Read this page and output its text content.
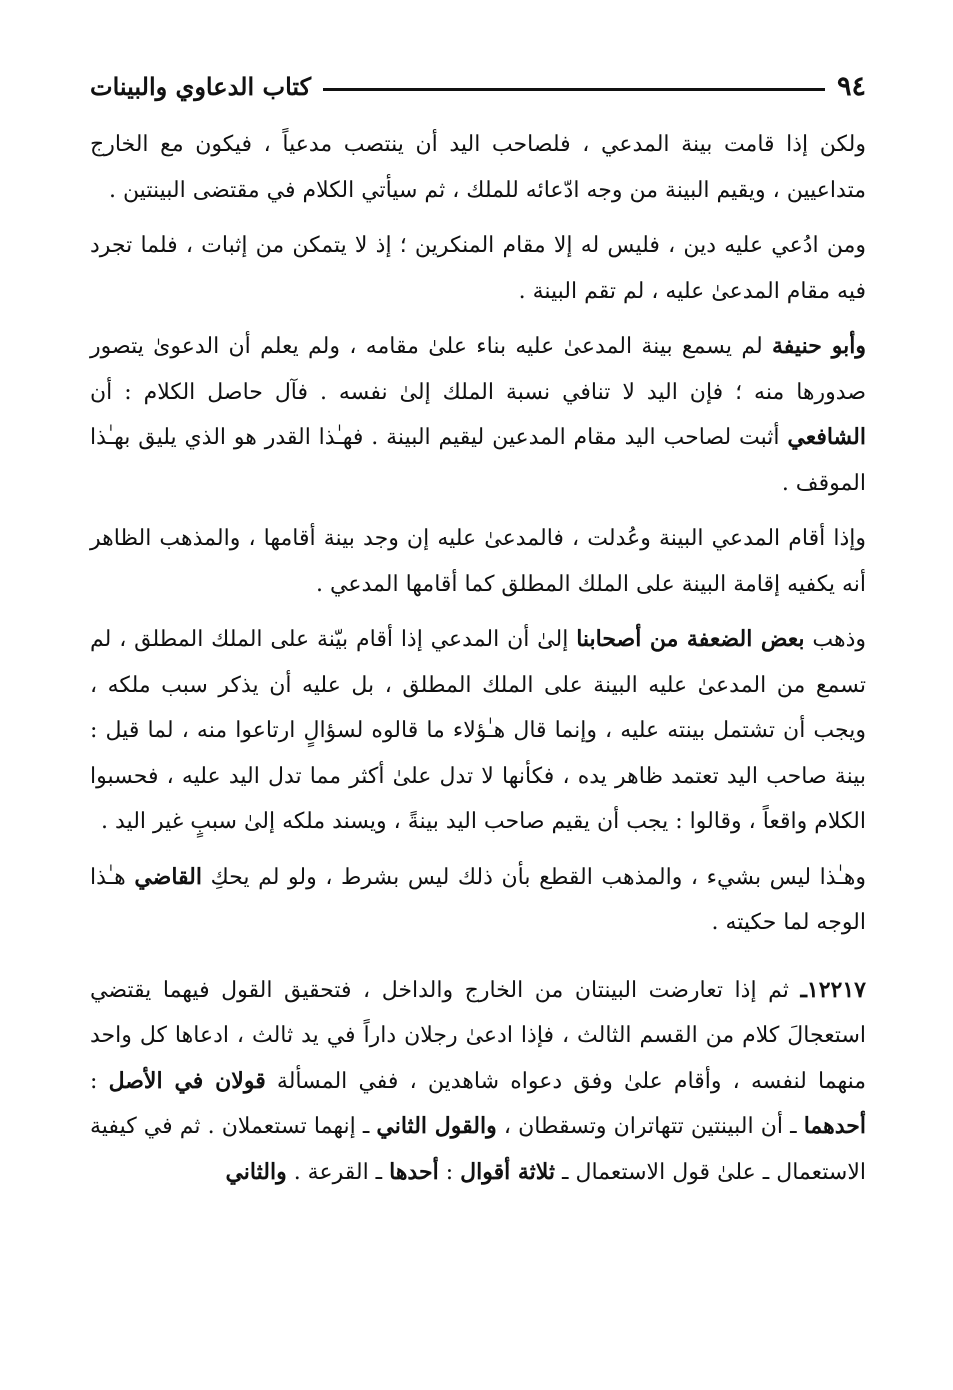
٩٤
كتاب الدعاوي والبينات

ولكن إذا قامت بينة المدعي ، فلصاحب اليد أن ينتصب مدعياً ، فيكون مع الخارج متداعيين ، ويقيم البينة من وجه ادّعائه للملك ، ثم سيأتي الكلام في مقتضى البينتين .

ومن ادُعي عليه دين ، فليس له إلا مقام المنكرين ؛ إذ لا يتمكن من إثبات ، فلما تجرد فيه مقام المدعىٰ عليه ، لم تقم البينة .

وأبو حنيفة لم يسمع بينة المدعىٰ عليه بناء علىٰ مقامه ، ولم يعلم أن الدعوىٰ يتصور صدورها منه ؛ فإن اليد لا تنافي نسبة الملك إلىٰ نفسه . فآل حاصل الكلام : أن الشافعي أثبت لصاحب اليد مقام المدعين ليقيم البينة . فهـٰذا القدر هو الذي يليق بهـٰذا الموقف .

وإذا أقام المدعي البينة وعُدلت ، فالمدعىٰ عليه إن وجد بينة أقامها ، والمذهب الظاهر أنه يكفيه إقامة البينة على الملك المطلق كما أقامها المدعي .

وذهب بعض الضعفة من أصحابنا إلىٰ أن المدعي إذا أقام بيّنة على الملك المطلق ، لم تسمع من المدعىٰ عليه البينة على الملك المطلق ، بل عليه أن يذكر سبب ملكه ، ويجب أن تشتمل بينته عليه ، وإنما قال هـٰؤلاء ما قالوه لسؤالٍ ارتاعوا منه ، لما قيل : بينة صاحب اليد تعتمد ظاهر يده ، فكأنها لا تدل علىٰ أكثر مما تدل اليد عليه ، فحسبوا الكلام واقعاً ، وقالوا : يجب أن يقيم صاحب اليد بينةً ، ويسند ملكه إلىٰ سببٍ غير اليد .

وهـٰذا ليس بشيء ، والمذهب القطع بأن ذلك ليس بشرط ، ولو لم يحكِ القاضي هـٰذا الوجه لما حكيته .

١٢٢١٧ـ ثم إذا تعارضت البينتان من الخارج والداخل ، فتحقيق القول فيهما يقتضي استعجالَ كلام من القسم الثالث ، فإذا ادعىٰ رجلان داراً في يد ثالث ، ادعاها كل واحد منهما لنفسه ، وأقام علىٰ وفق دعواه شاهدين ، ففي المسألة قولان في الأصل : أحدهما ـ أن البينتين تتهاتران وتسقطان ، والقول الثاني ـ إنهما تستعملان . ثم في كيفية الاستعمال ـ علىٰ قول الاستعمال ـ ثلاثة أقوال : أحدها ـ القرعة . والثاني
